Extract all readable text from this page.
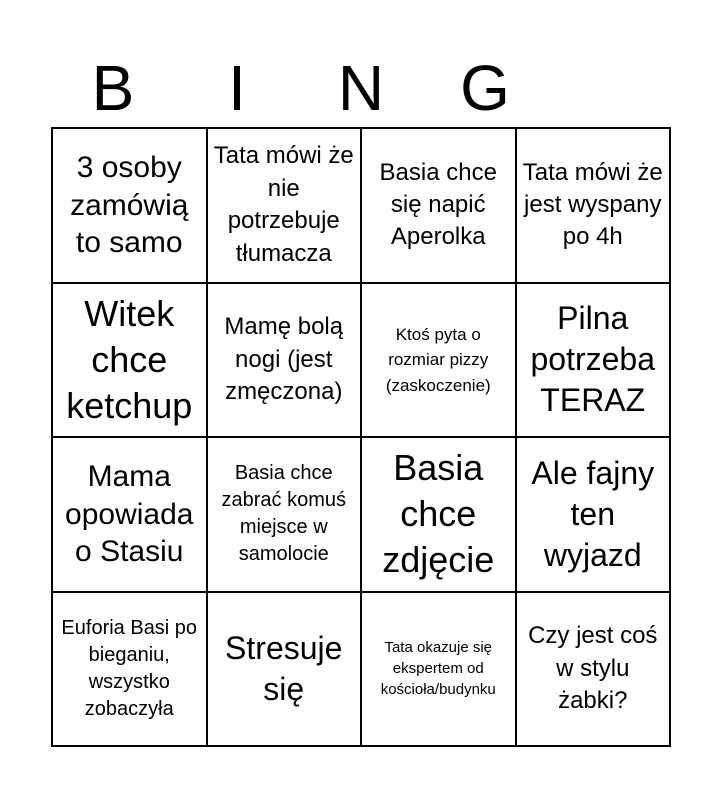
B	I	N	G
3 osoby zamówią to samo
Tata mówi że nie potrzebuje tłumacza
Basia chce się napić Aperolka
Tata mówi że jest wyspany po 4h
Witek chce ketchup
Mamę bolą nogi (jest zmęczona)
Ktoś pyta o rozmiar pizzy (zaskoczenie)
Pilna potrzeba TERAZ
Mama opowiada o Stasiu
Basia chce zabrać komuś miejsce w samolocie
Basia chce zdjęcie
Ale fajny ten wyjazd
Euforia Basi po bieganiu, wszystko zobaczyła
Stresuje się
Tata okazuje się ekspertem od kościoła/budynku
Czy jest coś w stylu żabki?
